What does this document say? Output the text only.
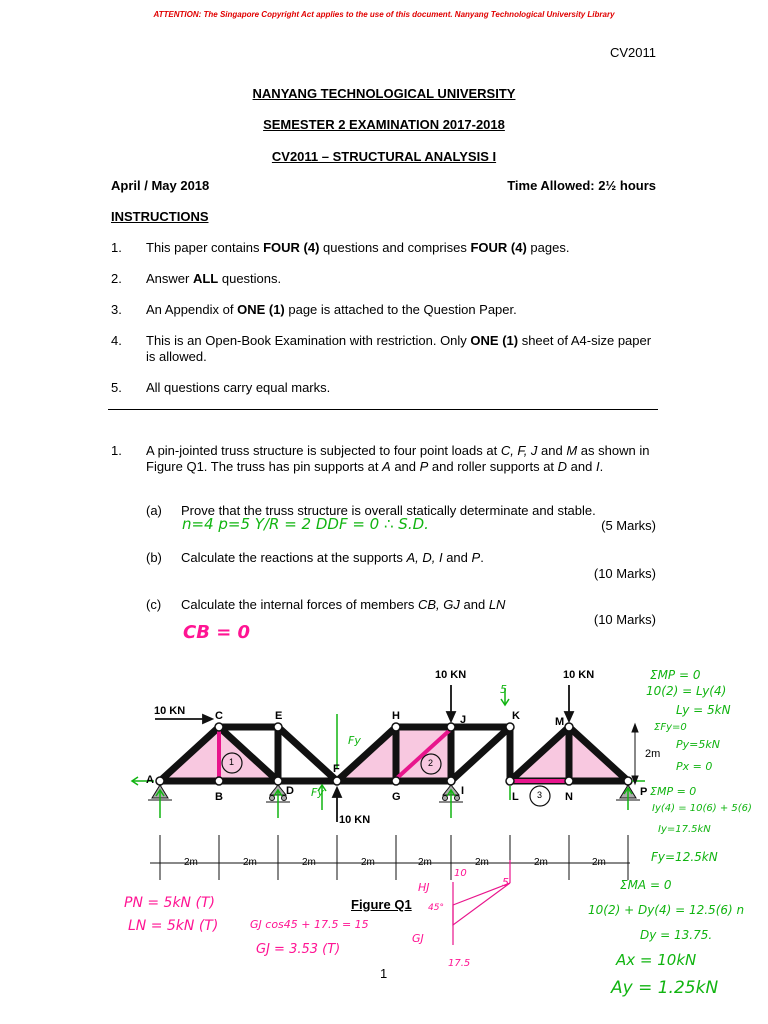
ATTENTION: The Singapore Copyright Act applies to the use of this document. Nanyang Technological University Library
CV2011
NANYANG TECHNOLOGICAL UNIVERSITY
SEMESTER 2 EXAMINATION 2017-2018
CV2011 – STRUCTURAL ANALYSIS I
April / May 2018	Time Allowed: 2½ hours
INSTRUCTIONS
1. This paper contains FOUR (4) questions and comprises FOUR (4) pages.
2. Answer ALL questions.
3. An Appendix of ONE (1) page is attached to the Question Paper.
4. This is an Open-Book Examination with restriction. Only ONE (1) sheet of A4-size paper is allowed.
5. All questions carry equal marks.
1. A pin-jointed truss structure is subjected to four point loads at C, F, J and M as shown in Figure Q1. The truss has pin supports at A and P and roller supports at D and I.
(a) Prove that the truss structure is overall statically determinate and stable.
(5 Marks)
(b) Calculate the reactions at the supports A, D, I and P.
(10 Marks)
(c) Calculate the internal forces of members CB, GJ and LN
(10 Marks)
n=4 p=5 Y/R = 2 DDF = 0 ∴ S.D.
CB = 0
10 KN
10 KN	10 KN
10 KN
A
B
C
D
E
F
G
H
I
J	K
L
M
N	P
2m
2m	2m	2m	2m	2m	2m	2m	2m
1	2
3
Figure Q1
ΣMP = 0
10(2) = Ly(4)
Ly = 5kN
ΣFy=0
Py=5kN
Px = 0
ΣMP = 0
Iy(4) = 10(6) + 5(6)
Iy=17.5kN
Fy=12.5kN
ΣMA = 0
10(2) + Dy(4) = 12.5(6) n
Dy = 13.75.
Ax = 10kN
Ay = 1.25kN
PN = 5kN (T)
LN = 5kN (T)	GJ cos45 + 17.5 = 15
GJ = 3.53 (T)
HJ
45°
GJ
10
5
17.5
Fy
Fy
5
1
